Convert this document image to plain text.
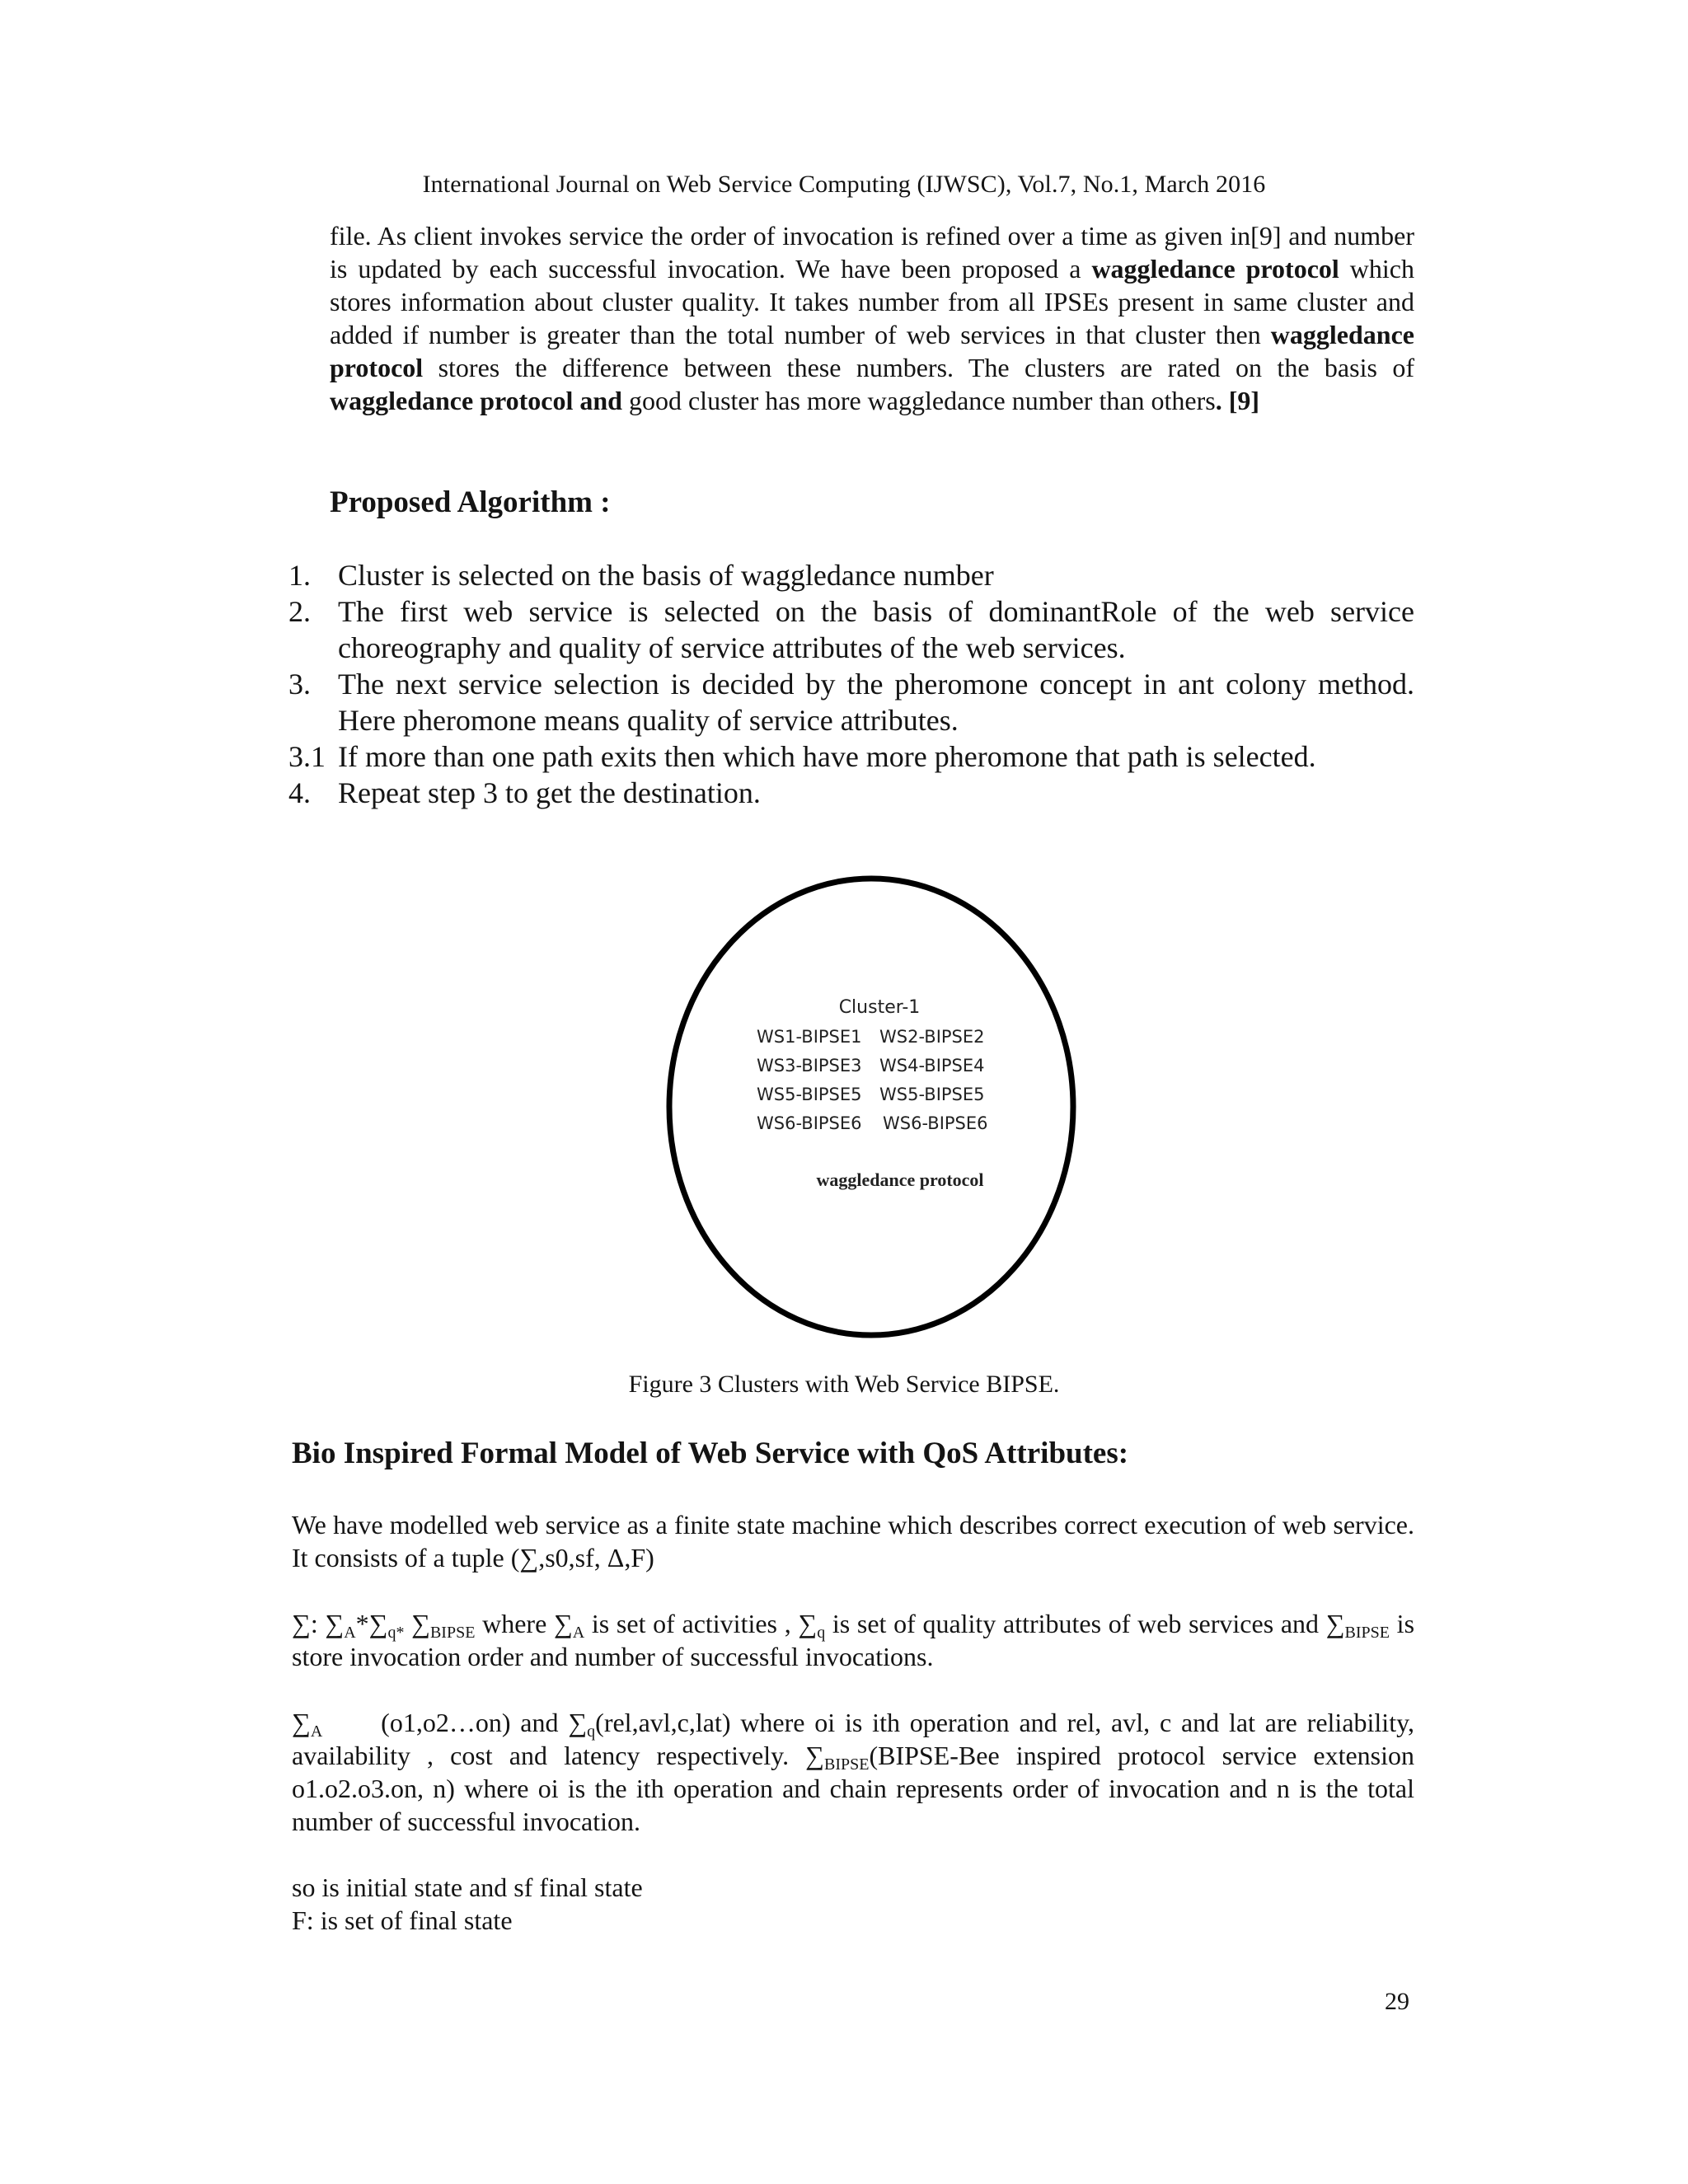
International Journal on Web Service Computing (IJWSC), Vol.7, No.1, March 2016

file. As client invokes service the order of invocation is refined over a time as given in[9] and number is updated by each successful invocation. We have been proposed a waggledance protocol which stores information about cluster quality. It takes number from all IPSEs present in same cluster and added if number is greater than the total number of web services in that cluster then waggledance protocol stores the difference between these numbers. The clusters are rated on the basis of waggledance protocol and good cluster has more waggledance number than others. [9]

Proposed Algorithm :
1. Cluster is selected on the basis of waggledance number
2. The first web service is selected on the basis of dominantRole of the web service choreography and quality of service attributes of the web services.
3. The next service selection is decided by the pheromone concept in ant colony method. Here pheromone means quality of service attributes.
3.1 If more than one path exits then which have more pheromone that path is selected.
4. Repeat step 3 to get the destination.
Cluster-1
WS1-BIPSE1 WS2-BIPSE2
WS3-BIPSE3 WS4-BIPSE4
WS5-BIPSE5 WS5-BIPSE5
WS6-BIPSE6 WS6-BIPSE6
waggledance protocol
Figure 3 Clusters with Web Service BIPSE.
Bio Inspired Formal Model of Web Service with QoS Attributes:

We have modelled web service as a finite state machine which describes correct execution of web service. It consists of a tuple (∑,s0,sf, Δ,F)

∑: $\sum_A*\sum_{q*}$ $\sum_{BIPSE}$ where $\sum_A$ is set of activities , $\sum_q$ is set of quality attributes of web services and $\sum_{BIPSE}$ is store invocation order and number of successful invocations.

$\sum_A$      (o1,o2…on) and $\sum_q(rel,avl,c,lat)$ where oi is ith operation and rel, avl, c and lat are reliability, availability , cost and latency respectively. $\sum_{BIPSE}(BIPSE$-Bee inspired protocol service extension o1.o2.o3.on, n) where oi is the ith operation and chain represents order of invocation and n is the total number of successful invocation.

so is initial state and sf final state
F: is set of final state
29
